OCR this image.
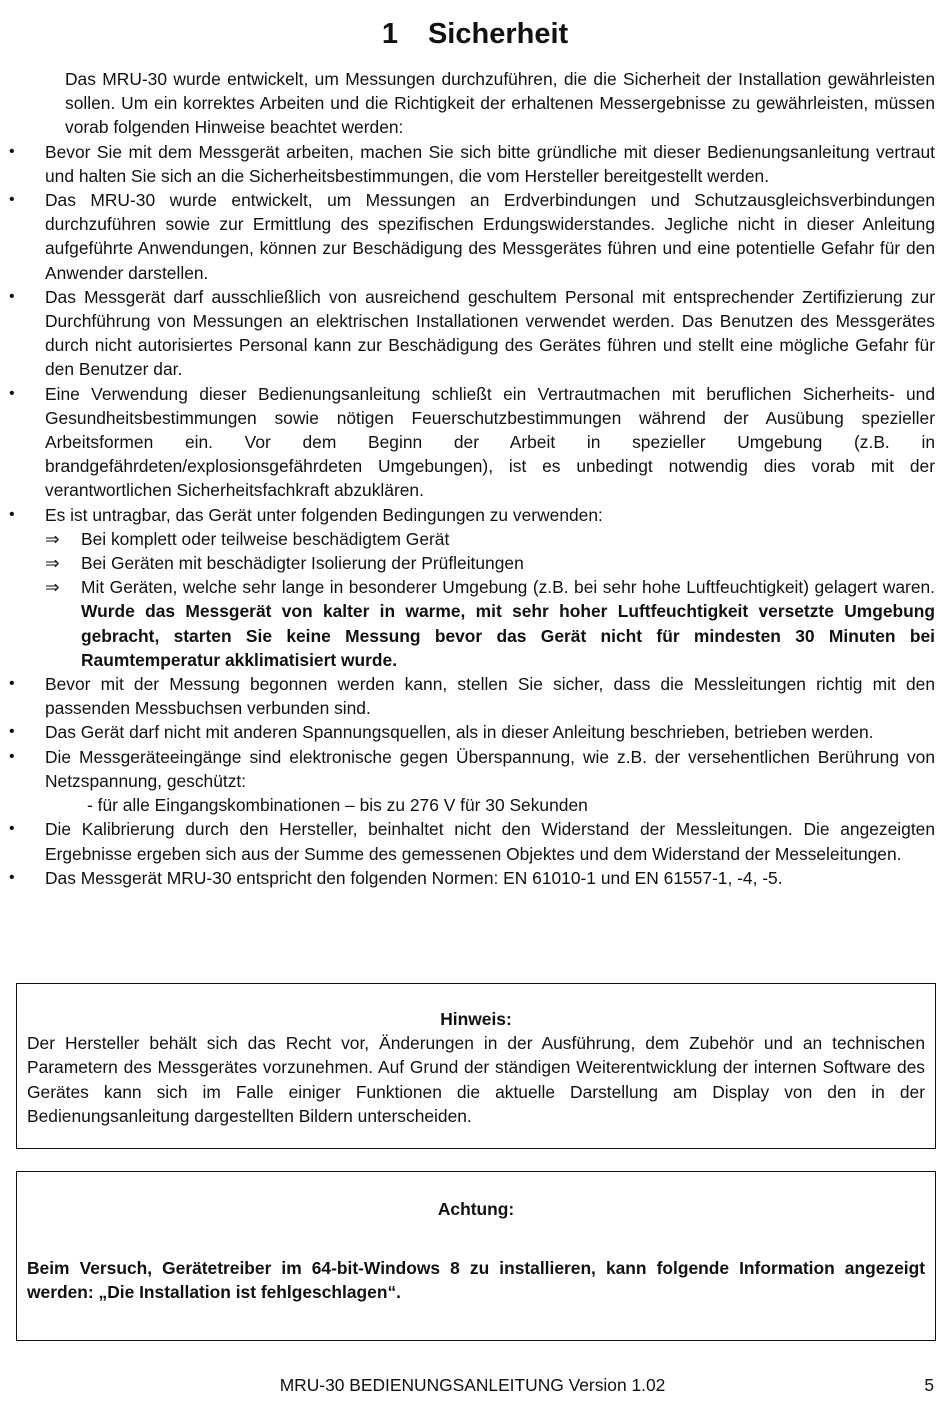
1 Sicherheit

Das MRU-30 wurde entwickelt, um Messungen durchzuführen, die die Sicherheit der Installation gewährleisten sollen. Um ein korrektes Arbeiten und die Richtigkeit der erhaltenen Messergebnisse zu gewährleisten, müssen vorab folgenden Hinweise beachtet werden:

• Bevor Sie mit dem Messgerät arbeiten, machen Sie sich bitte gründliche mit dieser Bedienungsanleitung vertraut und halten Sie sich an die Sicherheitsbestimmungen, die vom Hersteller bereitgestellt werden.
• Das MRU-30 wurde entwickelt, um Messungen an Erdverbindungen und Schutzausgleichsverbindungen durchzuführen sowie zur Ermittlung des spezifischen Erdungswiderstandes. Jegliche nicht in dieser Anleitung aufgeführte Anwendungen, können zur Beschädigung des Messgerätes führen und eine potentielle Gefahr für den Anwender darstellen.
• Das Messgerät darf ausschließlich von ausreichend geschultem Personal mit entsprechender Zertifizierung zur Durchführung von Messungen an elektrischen Installationen verwendet werden. Das Benutzen des Messgerätes durch nicht autorisiertes Personal kann zur Beschädigung des Gerätes führen und stellt eine mögliche Gefahr für den Benutzer dar.
• Eine Verwendung dieser Bedienungsanleitung schließt ein Vertrautmachen mit beruflichen Sicherheits- und Gesundheitsbestimmungen sowie nötigen Feuerschutzbestimmungen während der Ausübung spezieller Arbeitsformen ein. Vor dem Beginn der Arbeit in spezieller Umgebung (z.B. in brandgefährdeten/explosionsgefährdeten Umgebungen), ist es unbedingt notwendig dies vorab mit der verantwortlichen Sicherheitsfachkraft abzuklären.
• Es ist untragbar, das Gerät unter folgenden Bedingungen zu verwenden:
⇒ Bei komplett oder teilweise beschädigtem Gerät
⇒ Bei Geräten mit beschädigter Isolierung der Prüfleitungen
⇒ Mit Geräten, welche sehr lange in besonderer Umgebung (z.B. bei sehr hohe Luftfeuchtigkeit) gelagert waren. Wurde das Messgerät von kalter in warme, mit sehr hoher Luftfeuchtigkeit versetzte Umgebung gebracht, starten Sie keine Messung bevor das Gerät nicht für mindesten 30 Minuten bei Raumtemperatur akklimatisiert wurde.
• Bevor mit der Messung begonnen werden kann, stellen Sie sicher, dass die Messleitungen richtig mit den passenden Messbuchsen verbunden sind.
• Das Gerät darf nicht mit anderen Spannungsquellen, als in dieser Anleitung beschrieben, betrieben werden.
• Die Messgeräteeingänge sind elektronische gegen Überspannung, wie z.B. der versehentlichen Berührung von Netzspannung, geschützt:
- für alle Eingangskombinationen – bis zu 276 V für 30 Sekunden
• Die Kalibrierung durch den Hersteller, beinhaltet nicht den Widerstand der Messleitungen. Die angezeigten Ergebnisse ergeben sich aus der Summe des gemessenen Objektes und dem Widerstand der Messeleitungen.
• Das Messgerät MRU-30 entspricht den folgenden Normen: EN 61010-1 und EN 61557-1, -4, -5.

Hinweis:

Der Hersteller behält sich das Recht vor, Änderungen in der Ausführung, dem Zubehör und an technischen Parametern des Messgerätes vorzunehmen. Auf Grund der ständigen Weiterentwicklung der internen Software des Gerätes kann sich im Falle einiger Funktionen die aktuelle Darstellung am Display von den in der Bedienungsanleitung dargestellten Bildern unterscheiden.

Achtung:

Beim Versuch, Gerätetreiber im 64-bit-Windows 8 zu installieren, kann folgende Information angezeigt werden: „Die Installation ist fehlgeschlagen“.

MRU-30 BEDIENUNGSANLEITUNG Version 1.02	5
